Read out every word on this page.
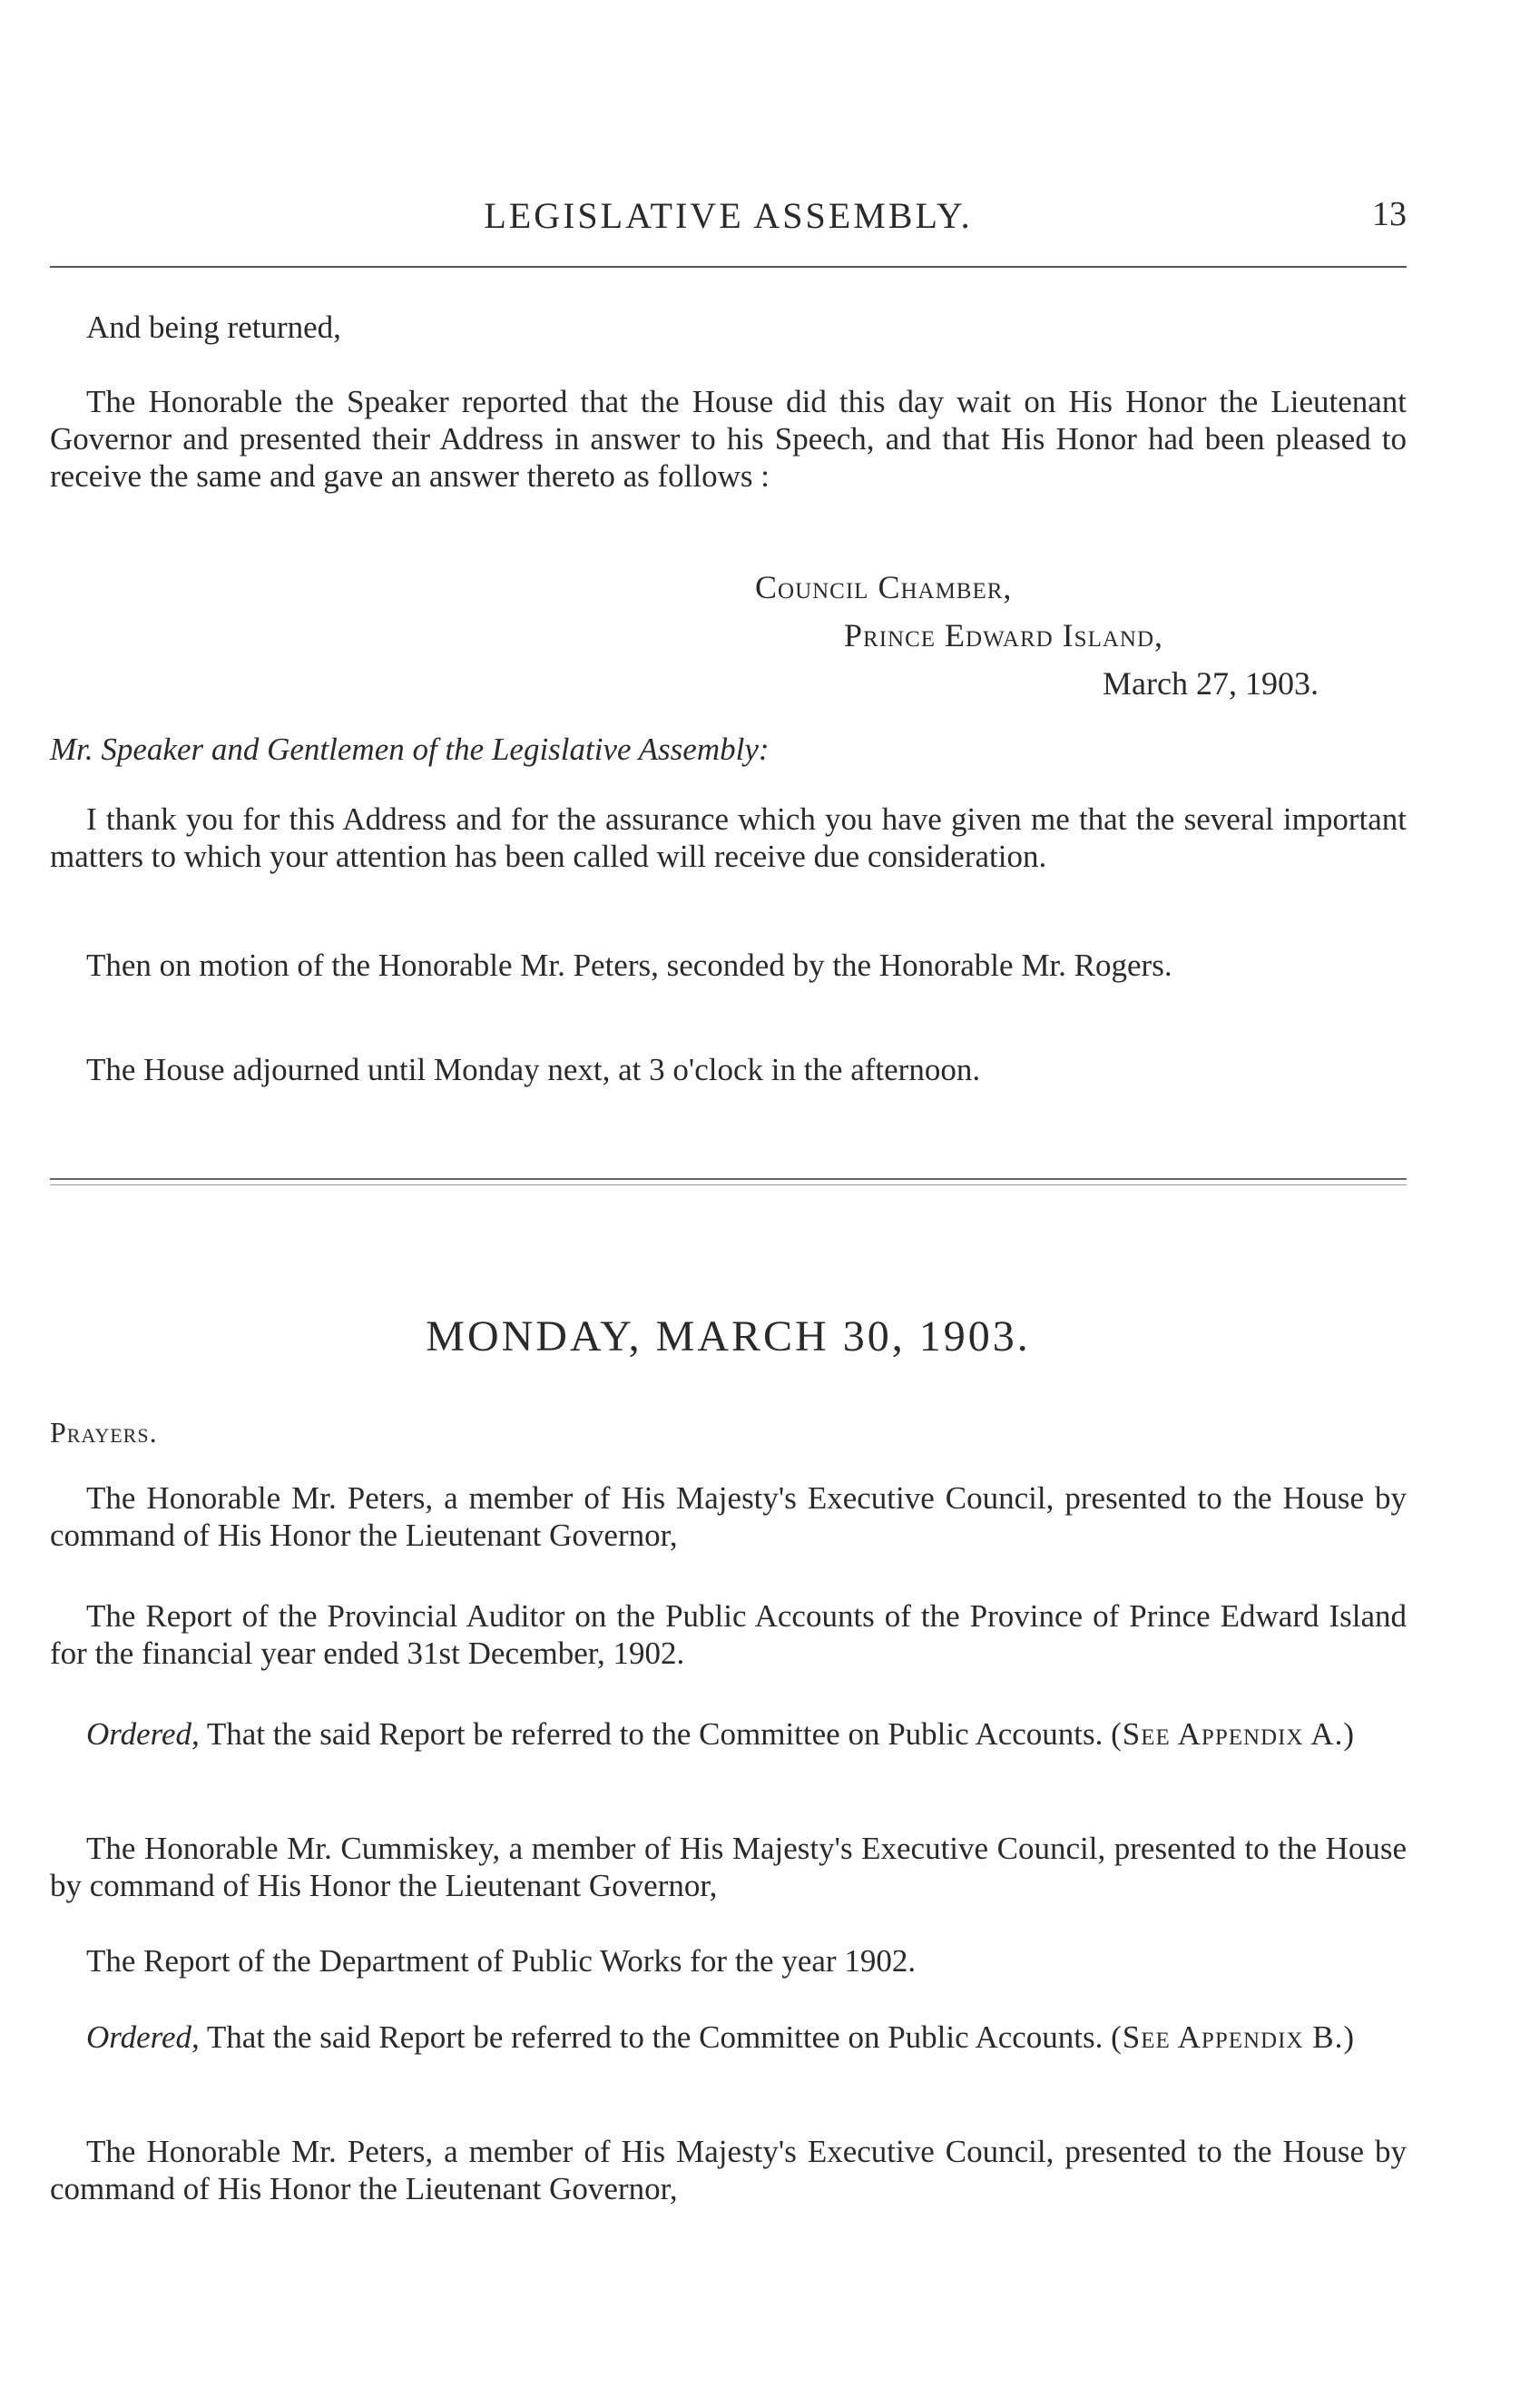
LEGISLATIVE ASSEMBLY.	13
And being returned,
The Honorable the Speaker reported that the House did this day wait on His Honor the Lieutenant Governor and presented their Address in answer to his Speech, and that His Honor had been pleased to receive the same and gave an answer thereto as follows :
Council Chamber,
Prince Edward Island,
March 27, 1903.
Mr. Speaker and Gentlemen of the Legislative Assembly:
I thank you for this Address and for the assurance which you have given me that the several important matters to which your attention has been called will receive due consideration.
Then on motion of the Honorable Mr. Peters, seconded by the Honorable Mr. Rogers.
The House adjourned until Monday next, at 3 o'clock in the afternoon.
MONDAY, MARCH 30, 1903.
Prayers.
The Honorable Mr. Peters, a member of His Majesty's Executive Council, presented to the House by command of His Honor the Lieutenant Governor,
The Report of the Provincial Auditor on the Public Accounts of the Province of Prince Edward Island for the financial year ended 31st December, 1902.
Ordered, That the said Report be referred to the Committee on Public Accounts. (See Appendix A.)
The Honorable Mr. Cummiskey, a member of His Majesty's Executive Council, presented to the House by command of His Honor the Lieutenant Governor,
The Report of the Department of Public Works for the year 1902.
Ordered, That the said Report be referred to the Committee on Public Accounts. (See Appendix B.)
The Honorable Mr. Peters, a member of His Majesty's Executive Council, presented to the House by command of His Honor the Lieutenant Governor,
